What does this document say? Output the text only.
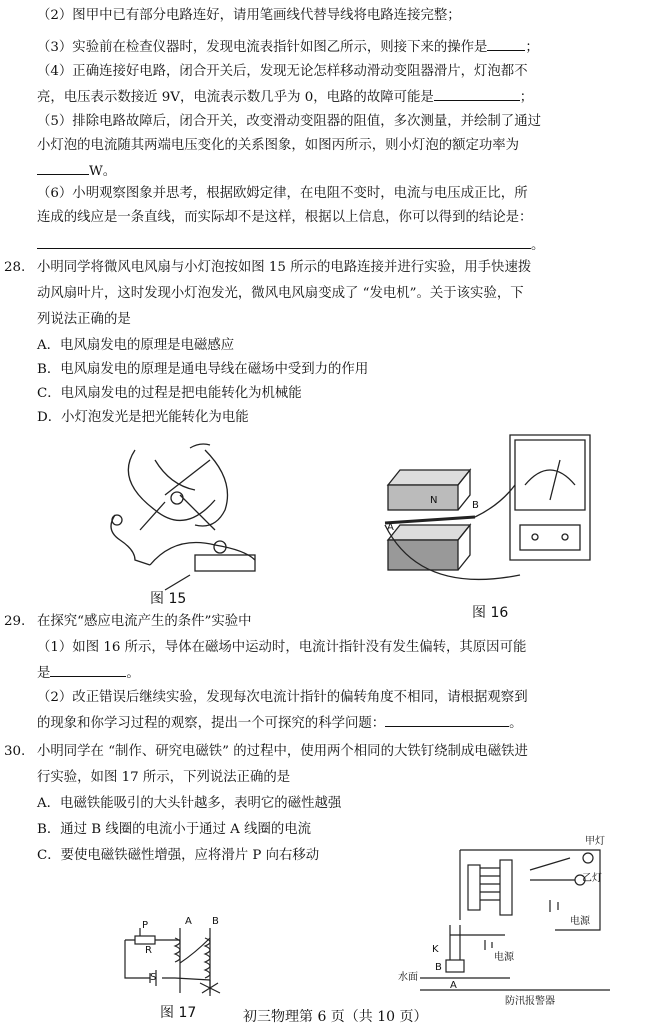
（2）图甲中已有部分电路连好，请用笔画线代替导线将电路连接完整；
（3）实验前在检查仪器时，发现电流表指针如图乙所示，则接下来的操作是	；
（4）正确连接好电路，闭合开关后，发现无论怎样移动滑动变阻器滑片，灯泡都不
亮，电压表示数接近 9V，电流表示数几乎为 0，电路的故障可能是	；
（5）排除电路故障后，闭合开关，改变滑动变阻器的阻值，多次测量，并绘制了通过
小灯泡的电流随其两端电压变化的关系图象，如图丙所示，则小灯泡的额定功率为
W。
（6）小明观察图象并思考，根据欧姆定律，在电阻不变时，电流与电压成正比，所
连成的线应是一条直线，而实际却不是这样，根据以上信息，你可以得到的结论是：
。
28. 小明同学将微风电风扇与小灯泡按如图 15 所示的电路连接并进行实验，用手快速拨
动风扇叶片，这时发现小灯泡发光，微风电风扇变成了 “发电机”。关于该实验，下
列说法正确的是
A．电风扇发电的原理是电磁感应
B．电风扇发电的原理是通电导线在磁场中受到力的作用
C．电风扇发电的过程是把电能转化为机械能
D．小灯泡发光是把光能转化为电能
29. 在探究“感应电流产生的条件”实验中
（1）如图 16 所示，导体在磁场中运动时，电流计指针没有发生偏转，其原因可能
是	。
（2）改正错误后继续实验，发现每次电流计指针的偏转角度不相同，请根据观察到
的现象和你学习过程的观察，提出一个可探究的科学问题：	。
30. 小明同学在 “制作、研究电磁铁” 的过程中，使用两个相同的大铁钉绕制成电磁铁进
行实验，如图 17 所示，下列说法正确的是
A．电磁铁能吸引的大头针越多，表明它的磁性越强
B．通过 B 线圈的电流小于通过 A 线圈的电流
C．要使电磁铁磁性增强，应将滑片 P 向右移动
图 15
N
A
B
图 16
P
R
S
A B
图 17
甲灯
乙灯
电源
电源
K
B
A
水面
防汛报警器
初三物理第 6 页（共 10 页）
